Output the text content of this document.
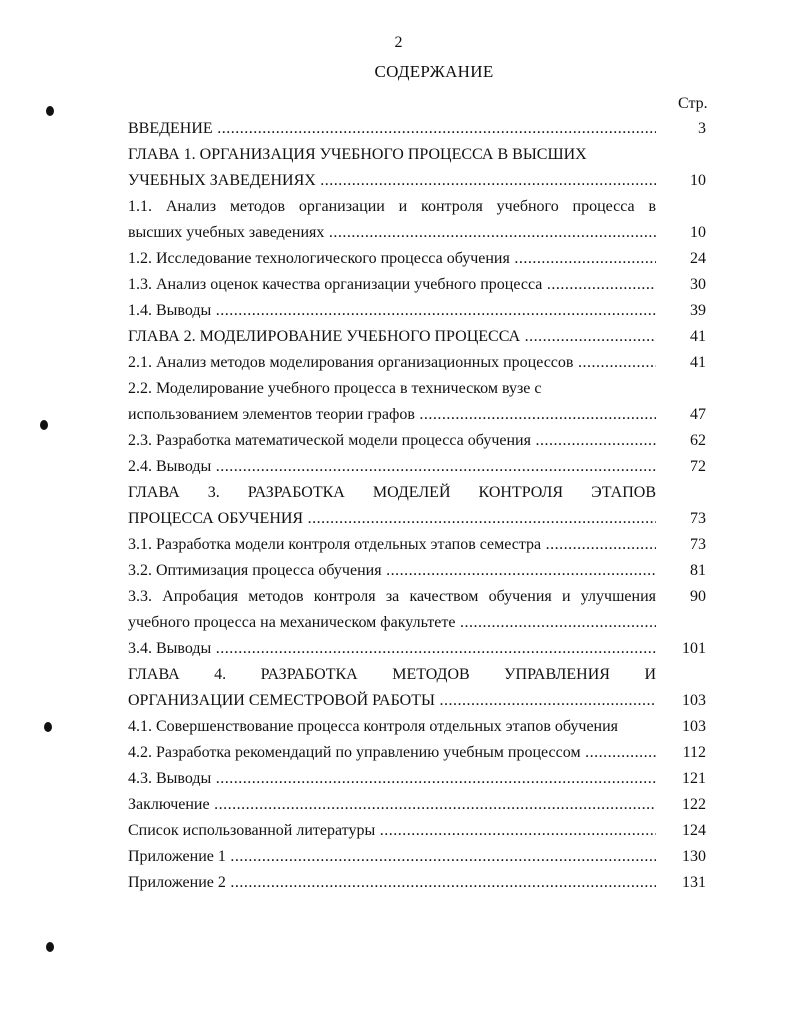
2
СОДЕРЖАНИЕ
Стр.
ВВЕДЕНИЕ .....	3
ГЛАВА 1. ОРГАНИЗАЦИЯ УЧЕБНОГО ПРОЦЕССА В ВЫСШИХ
УЧЕБНЫХ ЗАВЕДЕНИЯХ .....	10
1.1. Анализ методов организации и контроля учебного процесса в
высших учебных заведениях .....	10
1.2. Исследование технологического процесса обучения .....	24
1.3. Анализ оценок качества организации учебного процесса .....	30
1.4. Выводы .....	39
ГЛАВА 2. МОДЕЛИРОВАНИЕ УЧЕБНОГО ПРОЦЕССА .....	41
2.1. Анализ методов моделирования организационных процессов .....	41
2.2. Моделирование учебного процесса в техническом вузе с
использованием элементов теории графов .....	47
2.3. Разработка математической модели процесса обучения .....	62
2.4. Выводы .....	72
ГЛАВА 3. РАЗРАБОТКА МОДЕЛЕЙ КОНТРОЛЯ ЭТАПОВ
ПРОЦЕССА ОБУЧЕНИЯ .....	73
3.1. Разработка модели контроля отдельных этапов семестра .....	73
3.2. Оптимизация процесса обучения .....	81
3.3. Апробация методов контроля за качеством обучения и улучшения	90
учебного процесса на механическом факультете .....
3.4. Выводы .....	101
ГЛАВА 4. РАЗРАБОТКА МЕТОДОВ УПРАВЛЕНИЯ И
ОРГАНИЗАЦИИ СЕМЕСТРОВОЙ РАБОТЫ .....	103
4.1. Совершенствование процесса контроля отдельных этапов обучения	103
4.2. Разработка рекомендаций по управлению учебным процессом .....	112
4.3. Выводы .....	121
Заключение .....	122
Список использованной литературы .....	124
Приложение 1 .....	130
Приложение 2 .....	131
